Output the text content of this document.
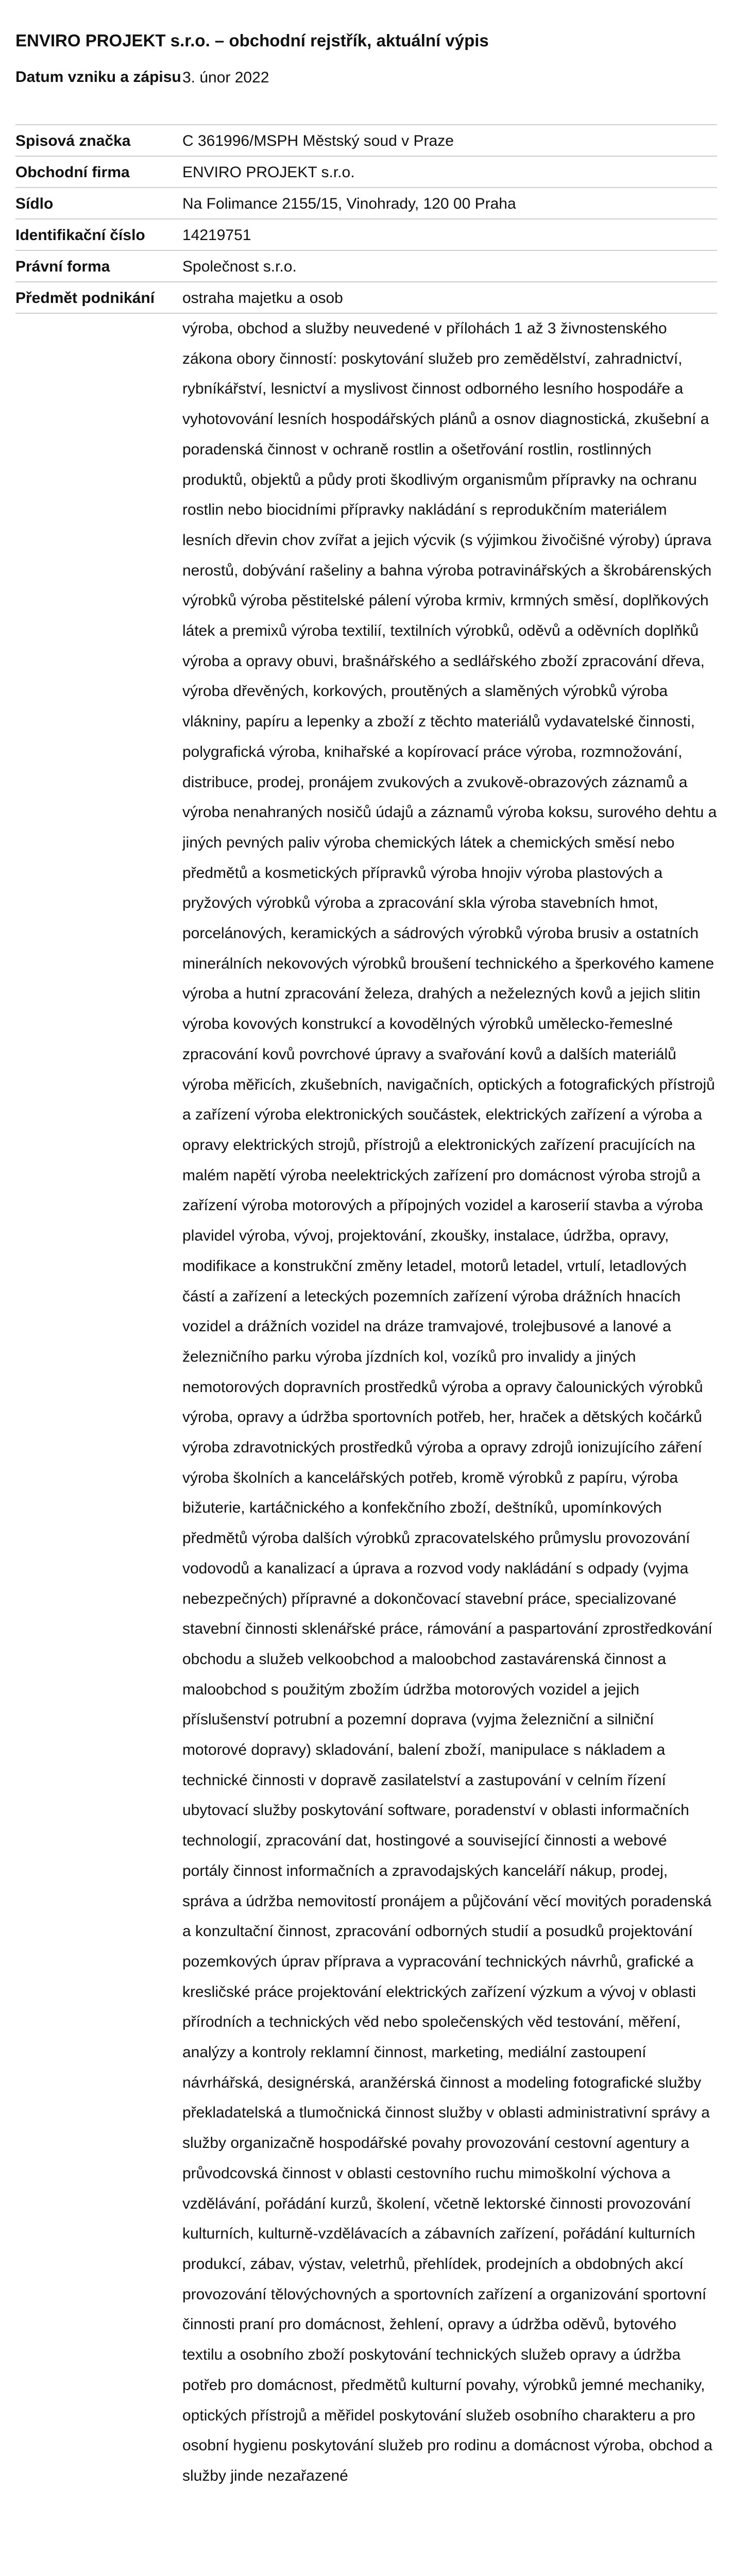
ENVIRO PROJEKT s.r.o. – obchodní rejstřík, aktuální výpis
Datum vzniku a zápisu 3. únor 2022
Spisová značka	C 361996/MSPH Městský soud v Praze
Obchodní firma	ENVIRO PROJEKT s.r.o.
Sídlo	Na Folimance 2155/15, Vinohrady, 120 00 Praha
Identifikační číslo	14219751
Právní forma	Společnost s.r.o.
Předmět podnikání	ostraha majetku a osob
výroba, obchod a služby neuvedené v přílohách 1 až 3 živnostenského zákona obory činností: poskytování služeb pro zemědělství, zahradnictví, rybníkářství, lesnictví a myslivost činnost odborného lesního hospodáře a vyhotovování lesních hospodářských plánů a osnov diagnostická, zkušební a poradenská činnost v ochraně rostlin a ošetřování rostlin, rostlinných produktů, objektů a půdy proti škodlivým organismům přípravky na ochranu rostlin nebo biocidními přípravky nakládání s reprodukčním materiálem lesních dřevin chov zvířat a jejich výcvik (s výjimkou živočišné výroby) úprava nerostů, dobývání rašeliny a bahna výroba potravinářských a škrobárenských výrobků výroba pěstitelské pálení výroba krmiv, krmných směsí, doplňkových látek a premixů výroba textilií, textilních výrobků, oděvů a oděvních doplňků výroba a opravy obuvi, brašnářského a sedlářského zboží zpracování dřeva, výroba dřevěných, korkových, proutěných a slaměných výrobků výroba vlákniny, papíru a lepenky a zboží z těchto materiálů vydavatelské činnosti, polygrafická výroba, knihařské a kopírovací práce výroba, rozmnožování, distribuce, prodej, pronájem zvukových a zvukově-obrazových záznamů a výroba nenahraných nosičů údajů a záznamů výroba koksu, surového dehtu a jiných pevných paliv výroba chemických látek a chemických směsí nebo předmětů a kosmetických přípravků výroba hnojiv výroba plastových a pryžových výrobků výroba a zpracování skla výroba stavebních hmot, porcelánových, keramických a sádrových výrobků výroba brusiv a ostatních minerálních nekovových výrobků broušení technického a šperkového kamene výroba a hutní zpracování železa, drahých a neželezných kovů a jejich slitin výroba kovových konstrukcí a kovodělných výrobků umělecko-řemeslné zpracování kovů povrchové úpravy a svařování kovů a dalších materiálů výroba měřicích, zkušebních, navigačních, optických a fotografických přístrojů a zařízení výroba elektronických součástek, elektrických zařízení a výroba a opravy elektrických strojů, přístrojů a elektronických zařízení pracujících na malém napětí výroba neelektrických zařízení pro domácnost výroba strojů a zařízení výroba motorových a přípojných vozidel a karoserií stavba a výroba plavidel výroba, vývoj, projektování, zkoušky, instalace, údržba, opravy, modifikace a konstrukční změny letadel, motorů letadel, vrtulí, letadlových částí a zařízení a leteckých pozemních zařízení výroba drážních hnacích vozidel a drážních vozidel na dráze tramvajové, trolejbusové a lanové a železničního parku výroba jízdních kol, vozíků pro invalidy a jiných nemotorových dopravních prostředků výroba a opravy čalounických výrobků výroba, opravy a údržba sportovních potřeb, her, hraček a dětských kočárků výroba zdravotnických prostředků výroba a opravy zdrojů ionizujícího záření výroba školních a kancelářských potřeb, kromě výrobků z papíru, výroba bižuterie, kartáčnického a konfekčního zboží, deštníků, upomínkových předmětů výroba dalších výrobků zpracovatelského průmyslu provozování vodovodů a kanalizací a úprava a rozvod vody nakládání s odpady (vyjma nebezpečných) přípravné a dokončovací stavební práce, specializované stavební činnosti sklenářské práce, rámování a paspartování zprostředkování obchodu a služeb velkoobchod a maloobchod zastavárenská činnost a maloobchod s použitým zbožím údržba motorových vozidel a jejich příslušenství potrubní a pozemní doprava (vyjma železniční a silniční motorové dopravy) skladování, balení zboží, manipulace s nákladem a technické činnosti v dopravě zasilatelství a zastupování v celním řízení ubytovací služby poskytování software, poradenství v oblasti informačních technologií, zpracování dat, hostingové a související činnosti a webové portály činnost informačních a zpravodajských kanceláří nákup, prodej, správa a údržba nemovitostí pronájem a půjčování věcí movitých poradenská a konzultační činnost, zpracování odborných studií a posudků projektování pozemkových úprav příprava a vypracování technických návrhů, grafické a kresličské práce projektování elektrických zařízení výzkum a vývoj v oblasti přírodních a technických věd nebo společenských věd testování, měření, analýzy a kontroly reklamní činnost, marketing, mediální zastoupení návrhářská, designérská, aranžérská činnost a modeling fotografické služby překladatelská a tlumočnická činnost služby v oblasti administrativní správy a služby organizačně hospodářské povahy provozování cestovní agentury a průvodcovská činnost v oblasti cestovního ruchu mimoškolní výchova a vzdělávání, pořádání kurzů, školení, včetně lektorské činnosti provozování kulturních, kulturně-vzdělávacích a zábavních zařízení, pořádání kulturních produkcí, zábav, výstav, veletrhů, přehlídek, prodejních a obdobných akcí provozování tělovýchovných a sportovních zařízení a organizování sportovní činnosti praní pro domácnost, žehlení, opravy a údržba oděvů, bytového textilu a osobního zboží poskytování technických služeb opravy a údržba potřeb pro domácnost, předmětů kulturní povahy, výrobků jemné mechaniky, optických přístrojů a měřidel poskytování služeb osobního charakteru a pro osobní hygienu poskytování služeb pro rodinu a domácnost výroba, obchod a služby jinde nezařazené
